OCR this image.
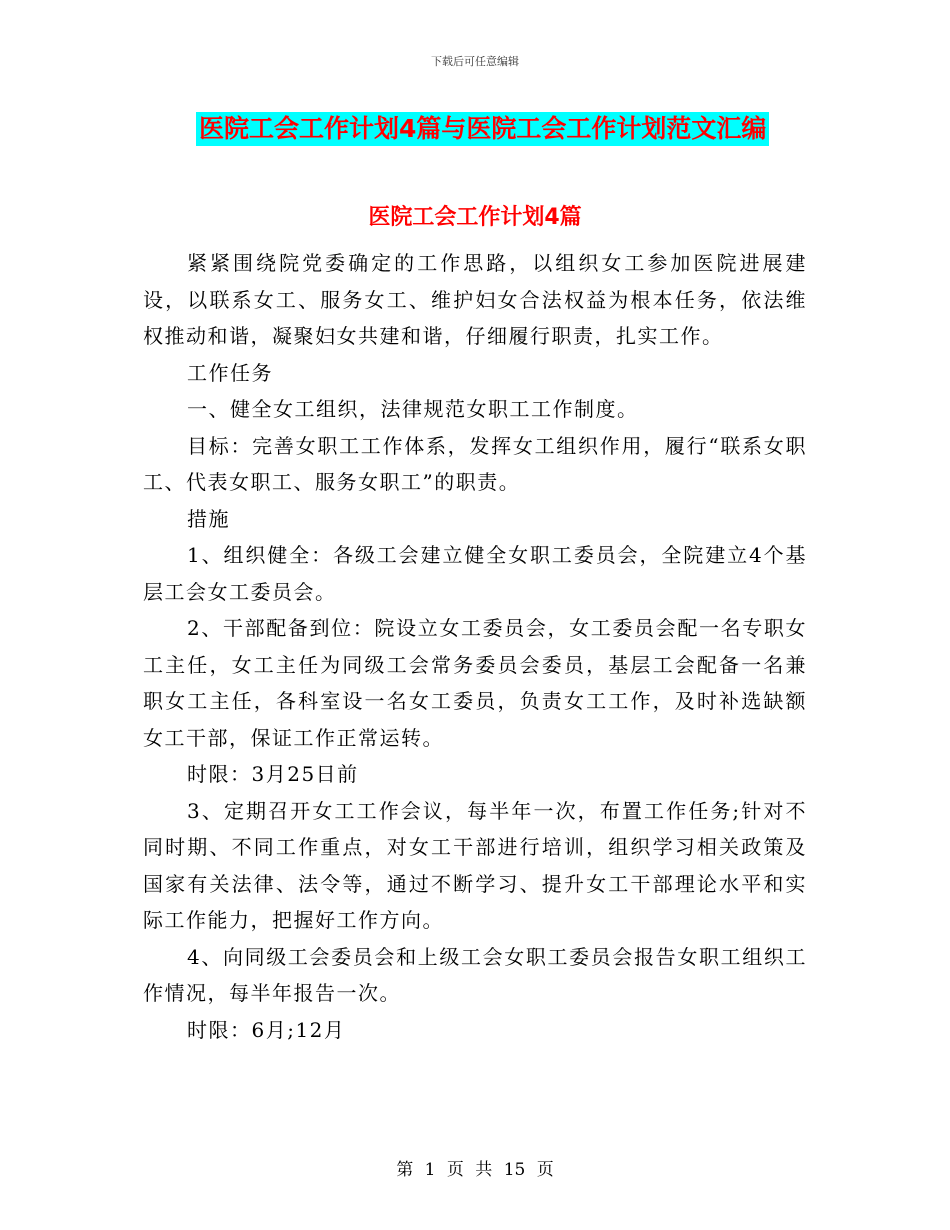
下载后可任意编辑
医院工会工作计划4篇与医院工会工作计划范文汇编
医院工会工作计划4篇

紧紧围绕院党委确定的工作思路，以组织女工参加医院进展建设，以联系女工、服务女工、维护妇女合法权益为根本任务，依法维权推动和谐，凝聚妇女共建和谐，仔细履行职责，扎实工作。

工作任务

一、健全女工组织，法律规范女职工工作制度。

目标：完善女职工工作体系，发挥女工组织作用，履行“联系女职工、代表女职工、服务女职工”的职责。

措施

1、组织健全：各级工会建立健全女职工委员会，全院建立4个基层工会女工委员会。

2、干部配备到位：院设立女工委员会，女工委员会配一名专职女工主任，女工主任为同级工会常务委员会委员，基层工会配备一名兼职女工主任，各科室设一名女工委员，负责女工工作，及时补选缺额女工干部，保证工作正常运转。

时限：3月25日前

3、定期召开女工工作会议，每半年一次，布置工作任务;针对不同时期、不同工作重点，对女工干部进行培训，组织学习相关政策及国家有关法律、法令等，通过不断学习、提升女工干部理论水平和实际工作能力，把握好工作方向。

4、向同级工会委员会和上级工会女职工委员会报告女职工组织工作情况，每半年报告一次。

时限：6月;12月

第 1 页 共 15 页
